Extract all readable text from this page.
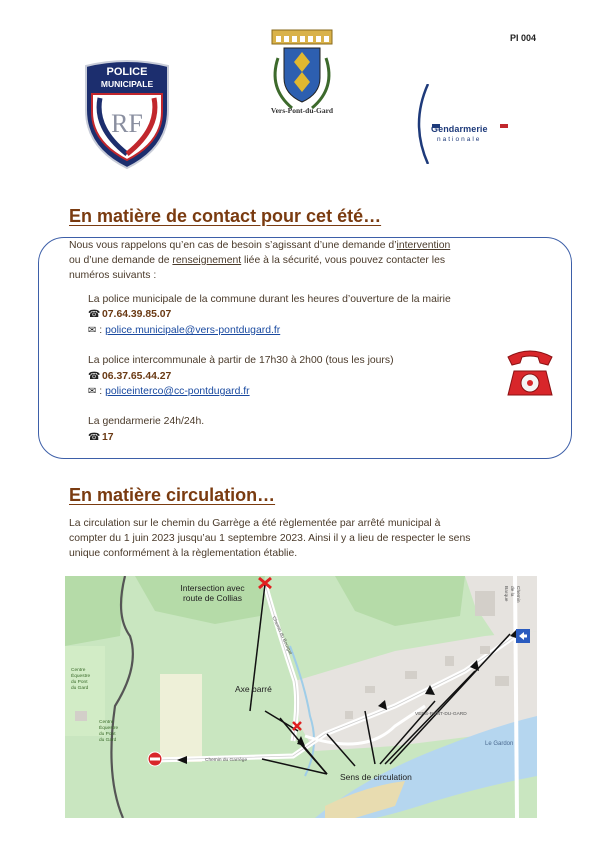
PI 004
POLICE
MUNICIPALE
RF	Vers-Pont-du-Gard
Gendarmerie
nationale
En matière de contact pour cet été…
Nous vous rappelons qu’en cas de besoin s’agissant d’une demande d’intervention
ou d’une demande de renseignement liée à la sécurité, vous pouvez contacter les
numéros suivants :
La police municipale de la commune durant les heures d’ouverture de la mairie
☎ 07.64.39.85.07
✉ : police.municipale@vers-pontdugard.fr
La police intercommunale à partir de 17h30 à 2h00 (tous les jours)
☎ 06.37.65.44.27
✉ : policeinterco@cc-pontdugard.fr
La gendarmerie 24h/24h.
☎ 17
En matière circulation…
La circulation sur le chemin du Garrège a été règlementée par arrêté municipal à
compter du 1 juin 2023 jusqu’au 1 septembre 2023. Ainsi il y a lieu de respecter le sens
unique conformément à la règlementation établie.
Intersection avec
route de Collias
Axe barré
Sens de circulation
Chemin du Garrège
Chemin du Bourgat
Chemin de la Barque
Le Gardon
VERS-PONT-DU-GARD
Centre
Équestre
du Pont
du Gard
Centre
Équestre
du Pont
du Gard
